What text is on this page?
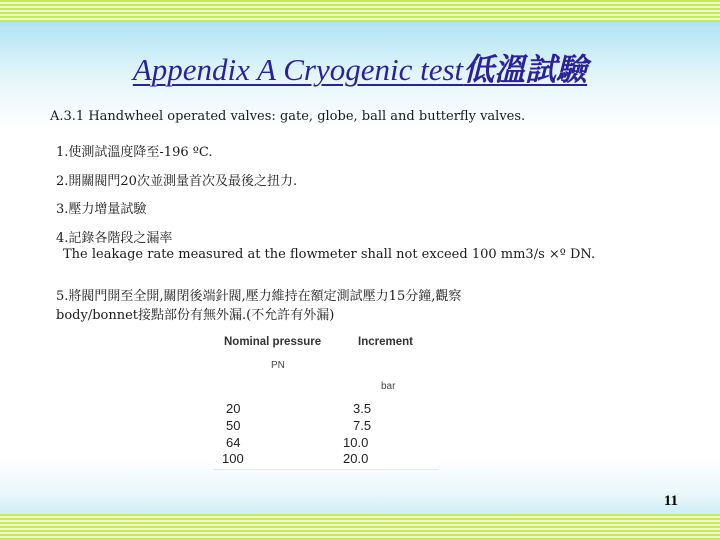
Appendix A Cryogenic test低溫試驗
A.3.1 Handwheel operated valves: gate, globe, ball and butterfly valves.
1.使測試溫度降至-196 ºC.
2.開關閥門20次並測量首次及最後之扭力.
3.壓力增量試驗
4.記錄各階段之漏率
The leakage rate measured at the flowmeter shall not exceed 100 mm3/s ×º DN.
5.將閥門開至全開,關閉後端針閥,壓力維持在額定測試壓力15分鐘,觀察
body/bonnet接點部份有無外漏.(不允許有外漏)
Nominal pressure	Increment
PN
bar
20	3.5
50	7.5
64	10.0
100	20.0
11
